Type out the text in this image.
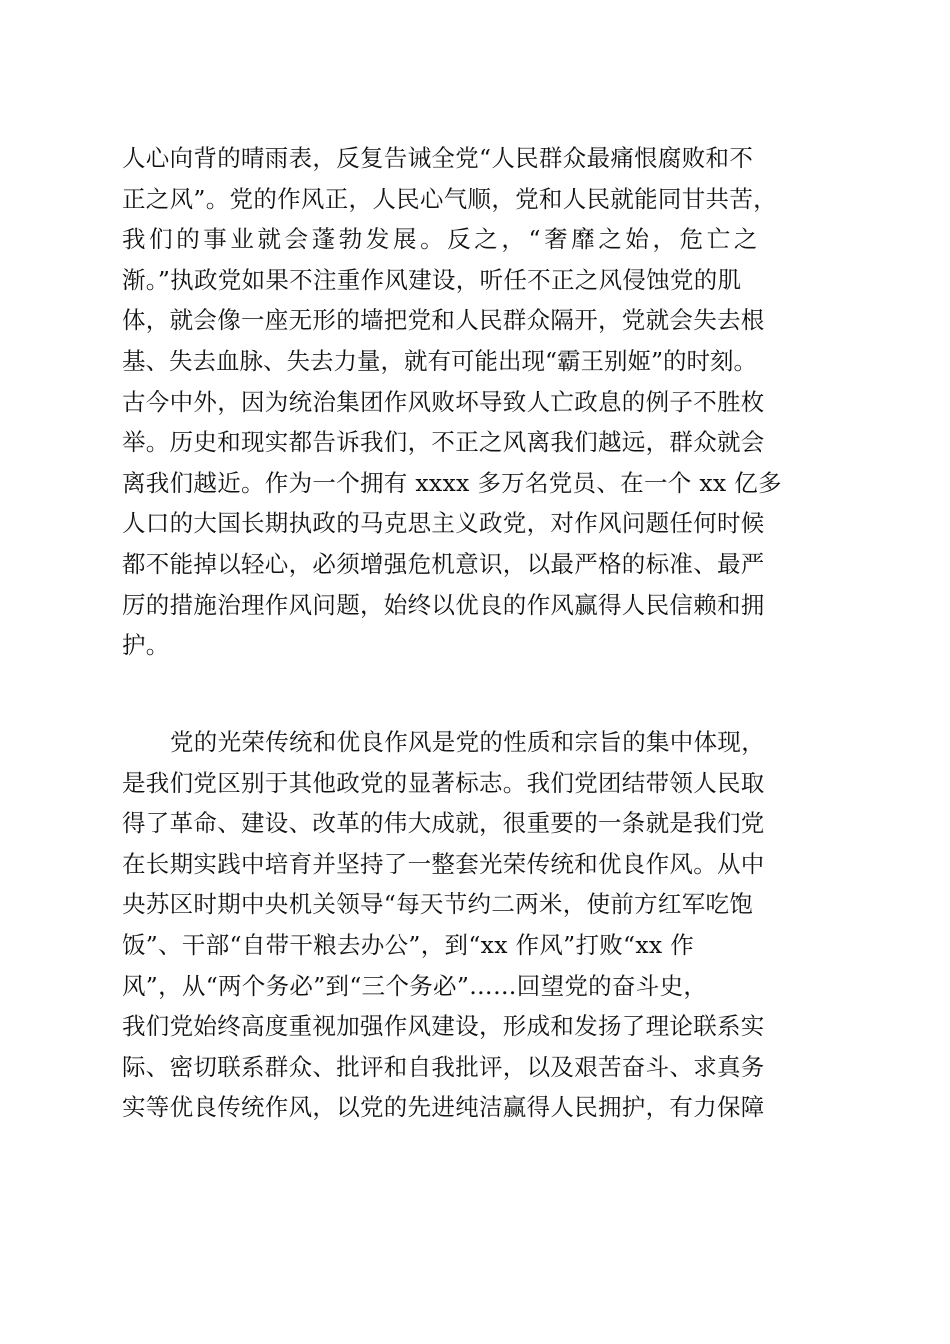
人心向背的晴雨表，反复告诫全党“人民群众最痛恨腐败和不
正之风”。党的作风正，人民心气顺，党和人民就能同甘共苦，
我们的事业就会蓬勃发展。反之，“奢靡之始，危亡之
渐。”执政党如果不注重作风建设，听任不正之风侵蚀党的肌
体，就会像一座无形的墙把党和人民群众隔开，党就会失去根
基、失去血脉、失去力量，就有可能出现“霸王别姬”的时刻。
古今中外，因为统治集团作风败坏导致人亡政息的例子不胜枚
举。历史和现实都告诉我们，不正之风离我们越远，群众就会
离我们越近。作为一个拥有 xxxx 多万名党员、在一个 xx 亿多
人口的大国长期执政的马克思主义政党，对作风问题任何时候
都不能掉以轻心，必须增强危机意识，以最严格的标准、最严
厉的措施治理作风问题，始终以优良的作风赢得人民信赖和拥
护。
党的光荣传统和优良作风是党的性质和宗旨的集中体现，
是我们党区别于其他政党的显著标志。我们党团结带领人民取
得了革命、建设、改革的伟大成就，很重要的一条就是我们党
在长期实践中培育并坚持了一整套光荣传统和优良作风。从中
央苏区时期中央机关领导“每天节约二两米，使前方红军吃饱
饭”、干部“自带干粮去办公”，到“xx 作风”打败“xx 作
风”，从“两个务必”到“三个务必”……回望党的奋斗史，
我们党始终高度重视加强作风建设，形成和发扬了理论联系实
际、密切联系群众、批评和自我批评，以及艰苦奋斗、求真务
实等优良传统作风，以党的先进纯洁赢得人民拥护，有力保障
